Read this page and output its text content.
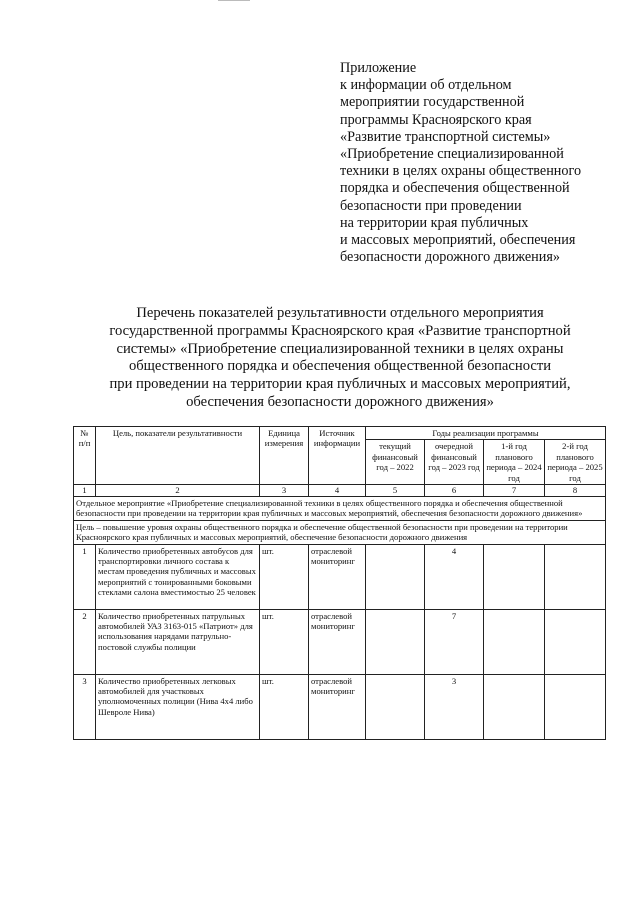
Приложение
к информации об отдельном
мероприятии государственной
программы Красноярского края
«Развитие транспортной системы»
«Приобретение специализированной
техники в целях охраны общественного
порядка и обеспечения общественной
безопасности при проведении
на территории края публичных
и массовых мероприятий, обеспечения
безопасности дорожного движения»
Перечень показателей результативности отдельного мероприятия
государственной программы Красноярского края «Развитие транспортной
системы» «Приобретение специализированной техники в целях охраны
общественного порядка и обеспечения общественной безопасности
при проведении на территории края публичных и массовых мероприятий,
обеспечения безопасности дорожного движения»
№ п/п	Цель, показатели результативности	Единица измерения	Источник информации	Годы реализации программы			
				текущий финансовый год – 2022	очередной финансовый год – 2023 год	1-й год планового периода – 2024 год	2-й год планового периода – 2025 год
1	2	3	4	5	6	7	8
Отдельное мероприятие «Приобретение специализированной техники в целях общественного порядка и обеспечения общественной безопасности при проведении на территории края публичных и массовых мероприятий, обеспечения безопасности дорожного движения»							
Цель – повышение уровня охраны общественного порядка и обеспечение общественной безопасности при проведении на территории Красноярского края публичных и массовых мероприятий, обеспечение безопасности дорожного движения							
1	Количество приобретенных автобусов для транспортировки личного состава к местам проведения публичных и массовых мероприятий с тонированными боковыми стеклами салона вместимостью 25 человек	шт.	отраслевой мониторинг		4		
2	Количество приобретенных патрульных автомобилей УАЗ 3163-015 «Патриот» для использования нарядами патрульно-постовой службы полиции	шт.	отраслевой мониторинг		7		
3	Количество приобретенных легковых автомобилей для участковых уполномоченных полиции (Нива 4х4 либо Шевроле Нива)	шт.	отраслевой мониторинг		3		
